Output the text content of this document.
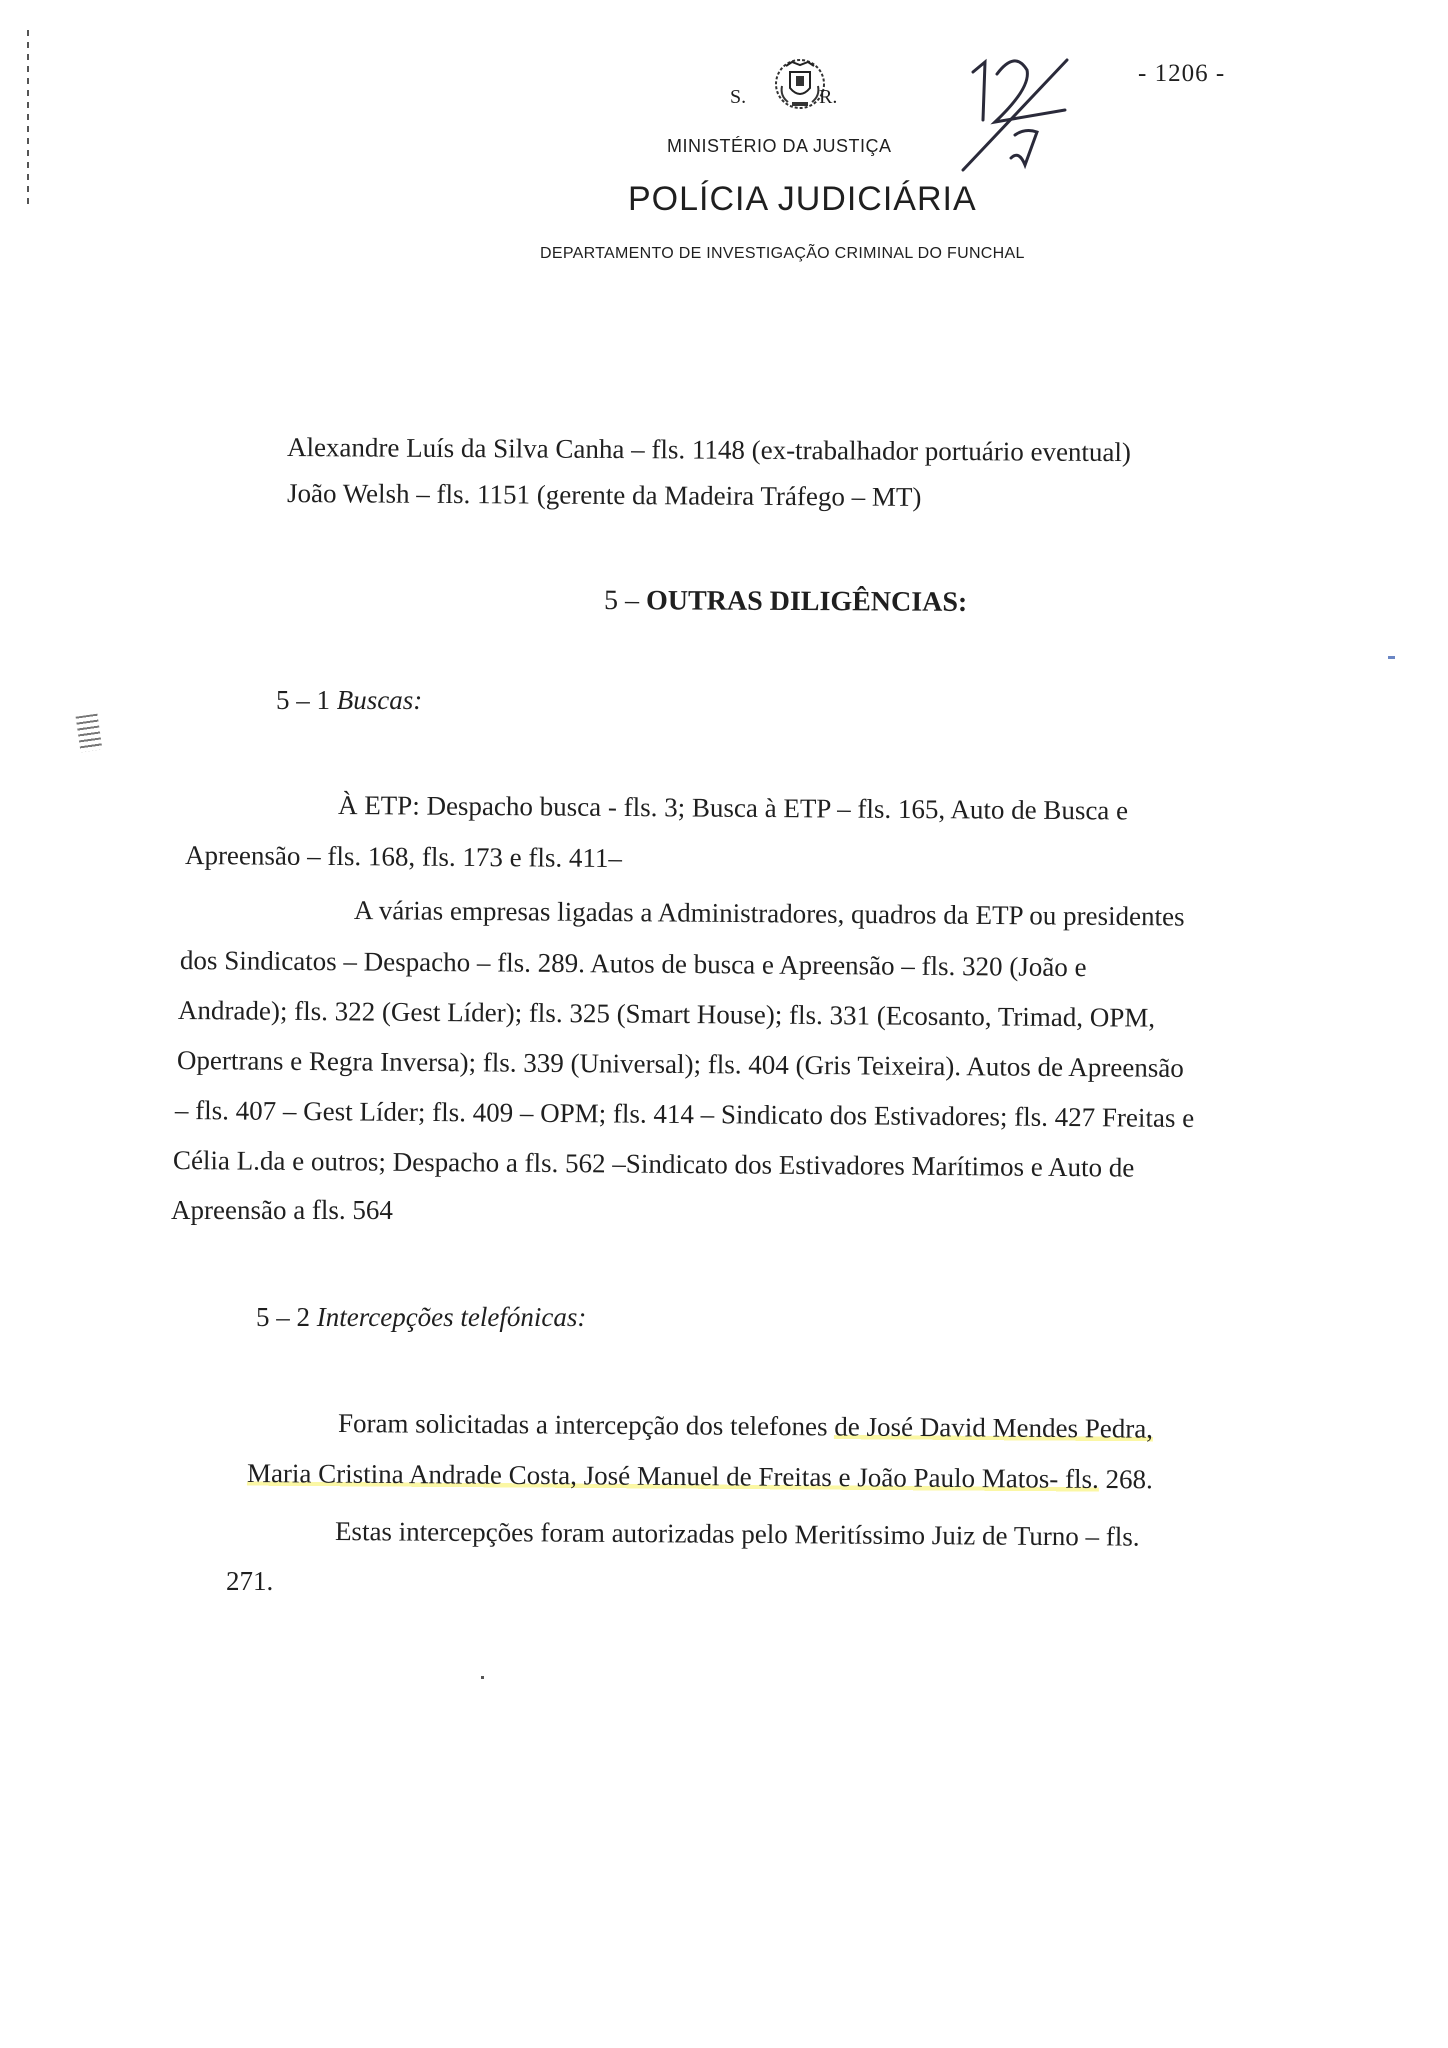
- 1206 -
S.	R.
MINISTÉRIO DA JUSTIÇA
POLÍCIA JUDICIÁRIA
DEPARTAMENTO DE INVESTIGAÇÃO CRIMINAL DO FUNCHAL
Alexandre Luís da Silva Canha – fls. 1148 (ex-trabalhador portuário eventual)
João Welsh – fls. 1151 (gerente da Madeira Tráfego – MT)
5 – OUTRAS DILIGÊNCIAS:
5 – 1 Buscas:
À ETP: Despacho busca - fls. 3; Busca à ETP – fls. 165, Auto de Busca e
Apreensão – fls. 168, fls. 173 e fls. 411–
A várias empresas ligadas a Administradores, quadros da ETP ou presidentes
dos Sindicatos – Despacho – fls. 289. Autos de busca e Apreensão – fls. 320 (João e
Andrade); fls. 322 (Gest Líder); fls. 325 (Smart House); fls. 331 (Ecosanto, Trimad, OPM,
Opertrans e Regra Inversa); fls. 339 (Universal); fls. 404 (Gris Teixeira). Autos de Apreensão
– fls. 407 – Gest Líder; fls. 409 – OPM; fls. 414 – Sindicato dos Estivadores; fls. 427 Freitas e
Célia L.da e outros; Despacho a fls. 562 –Sindicato dos Estivadores Marítimos e Auto de
Apreensão a fls. 564
5 – 2 Intercepções telefónicas:
Foram solicitadas a intercepção dos telefones de José David Mendes Pedra,
Maria Cristina Andrade Costa, José Manuel de Freitas e João Paulo Matos- fls. 268.
Estas intercepções foram autorizadas pelo Meritíssimo Juiz de Turno – fls.
271.
